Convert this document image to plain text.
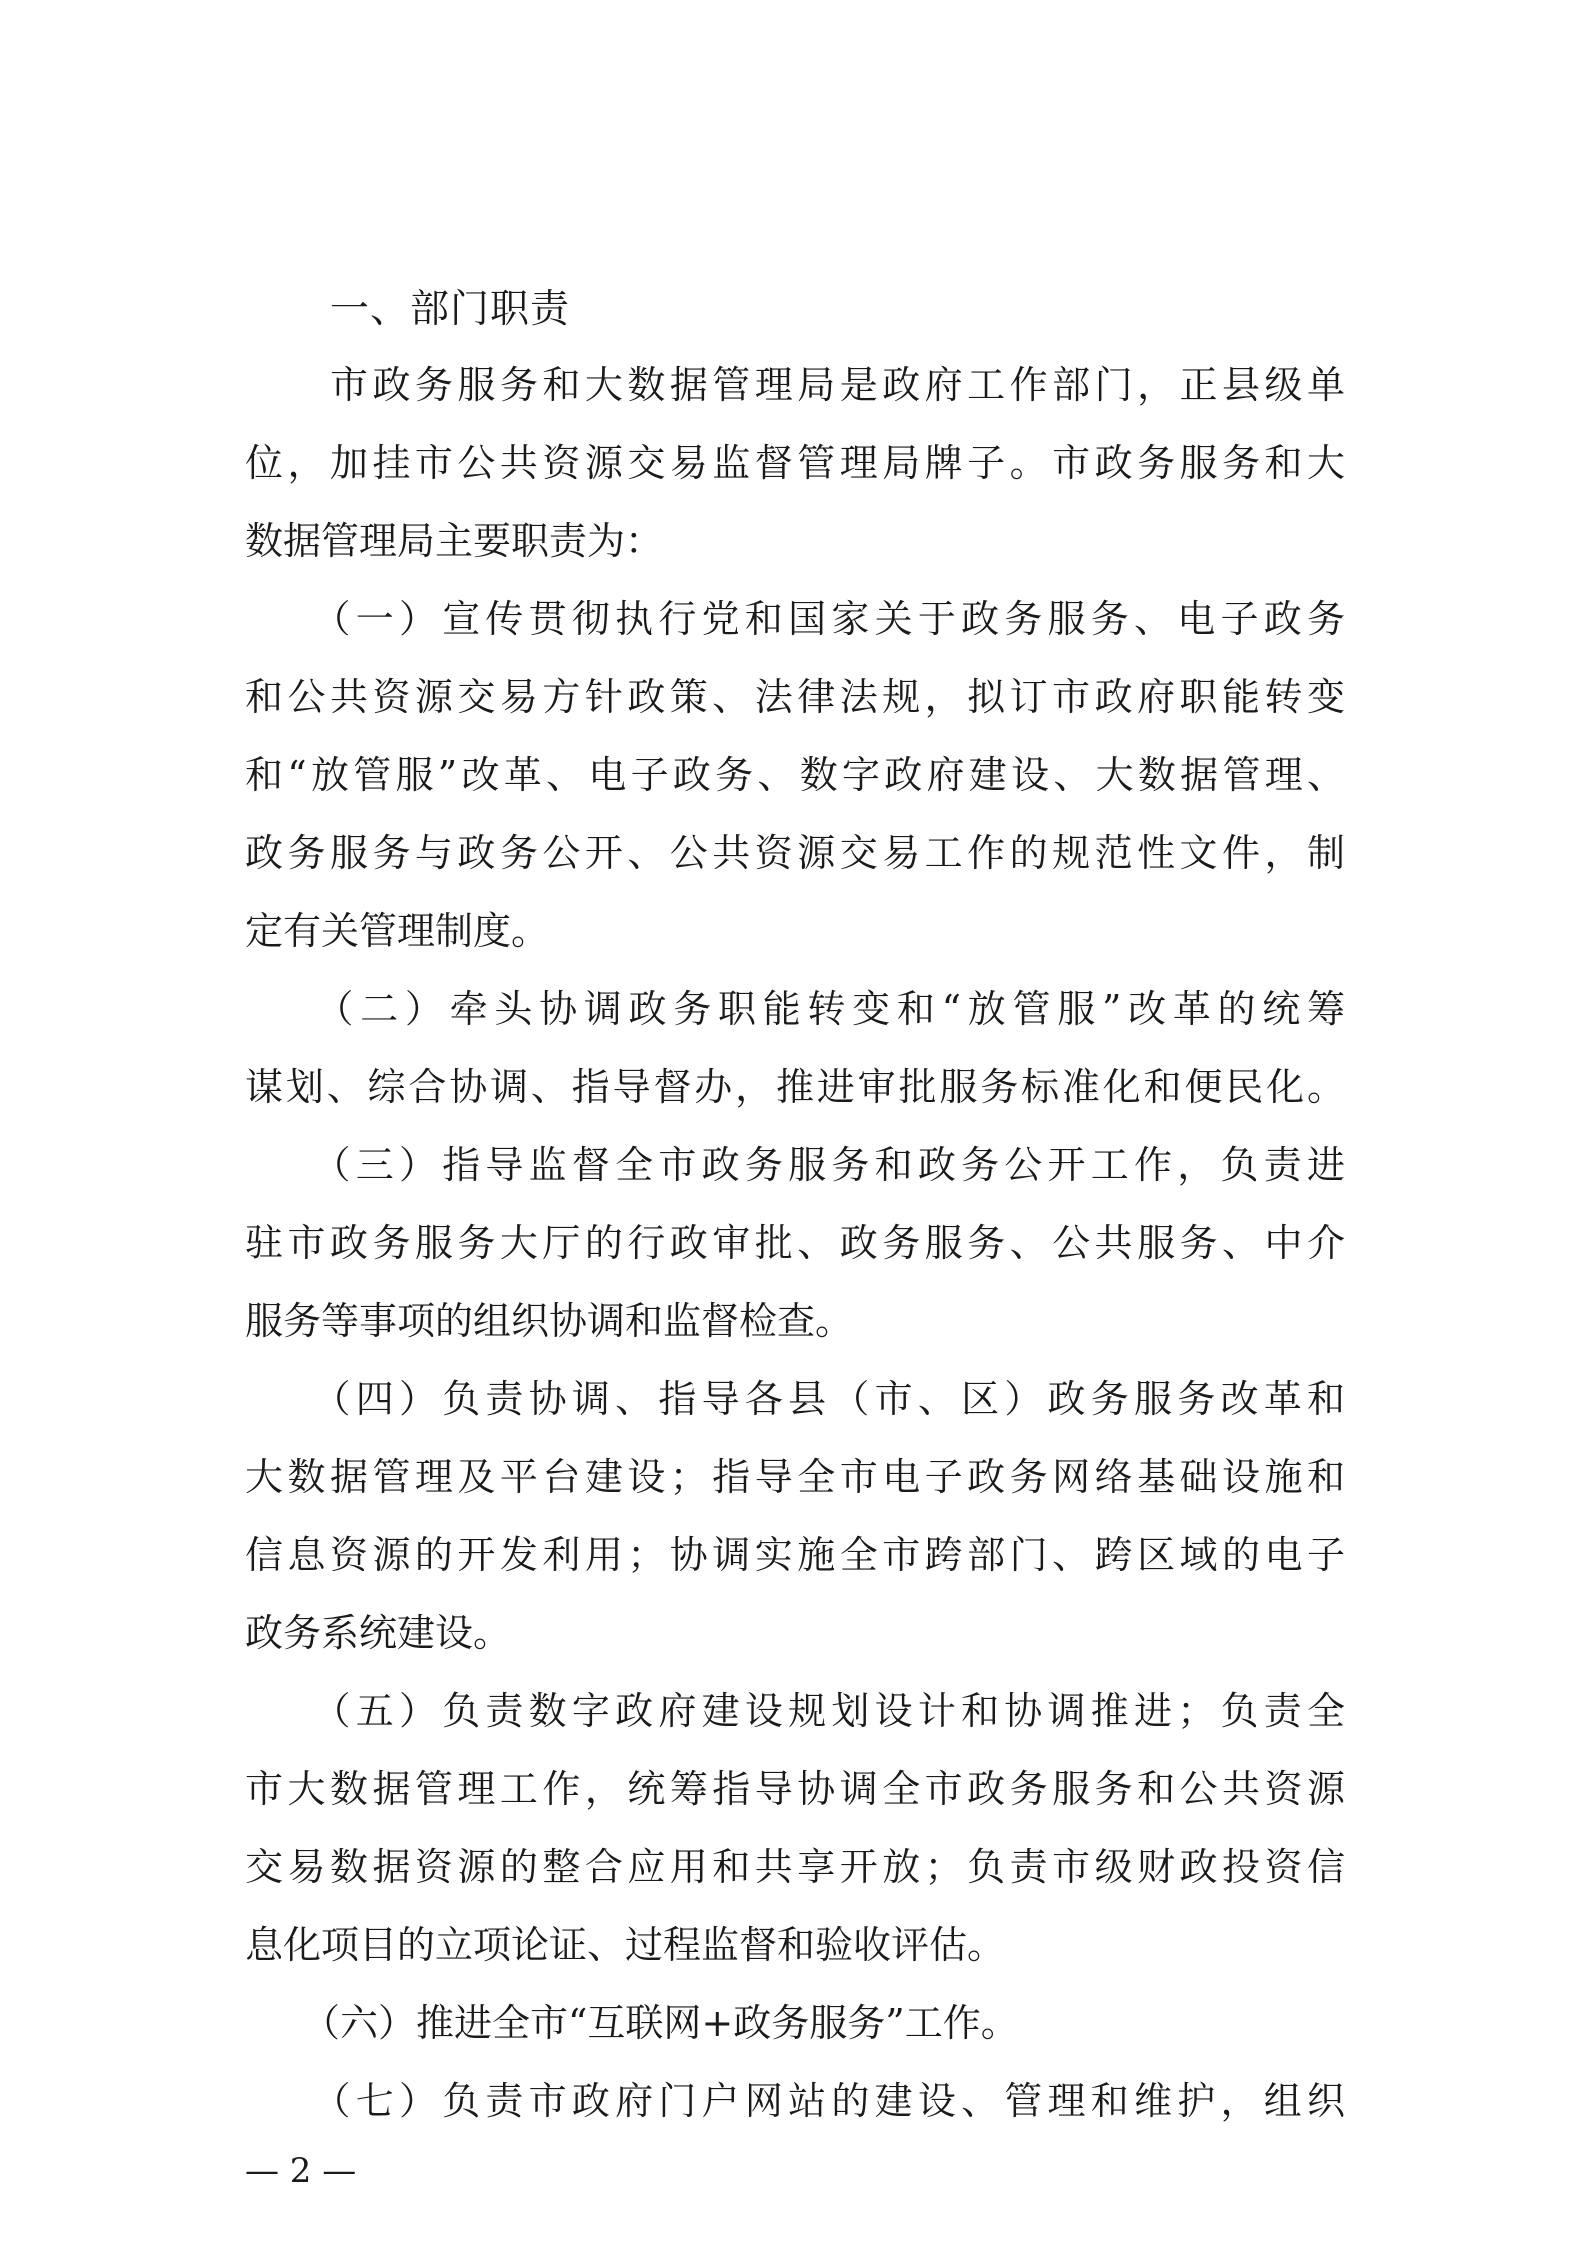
一、部门职责

　　市政务服务和大数据管理局是政府工作部门，正县级单

位，加挂市公共资源交易监督管理局牌子。市政务服务和大

数据管理局主要职责为：

　　（一）宣传贯彻执行党和国家关于政务服务、电子政务

和公共资源交易方针政策、法律法规，拟订市政府职能转变

和“放管服”改革、电子政务、数字政府建设、大数据管理、

政务服务与政务公开、公共资源交易工作的规范性文件，制

定有关管理制度。

　　（二）牵头协调政务职能转变和“放管服”改革的统筹

谋划、综合协调、指导督办，推进审批服务标准化和便民化。

　　（三）指导监督全市政务服务和政务公开工作，负责进

驻市政务服务大厅的行政审批、政务服务、公共服务、中介

服务等事项的组织协调和监督检查。

　　（四）负责协调、指导各县（市、区）政务服务改革和

大数据管理及平台建设；指导全市电子政务网络基础设施和

信息资源的开发利用；协调实施全市跨部门、跨区域的电子

政务系统建设。

　　（五）负责数字政府建设规划设计和协调推进；负责全

市大数据管理工作，统筹指导协调全市政务服务和公共资源

交易数据资源的整合应用和共享开放；负责市级财政投资信

息化项目的立项论证、过程监督和验收评估。

　　（六）推进全市“互联网+政务服务”工作。

　　（七）负责市政府门户网站的建设、管理和维护，组织

— 2 —
